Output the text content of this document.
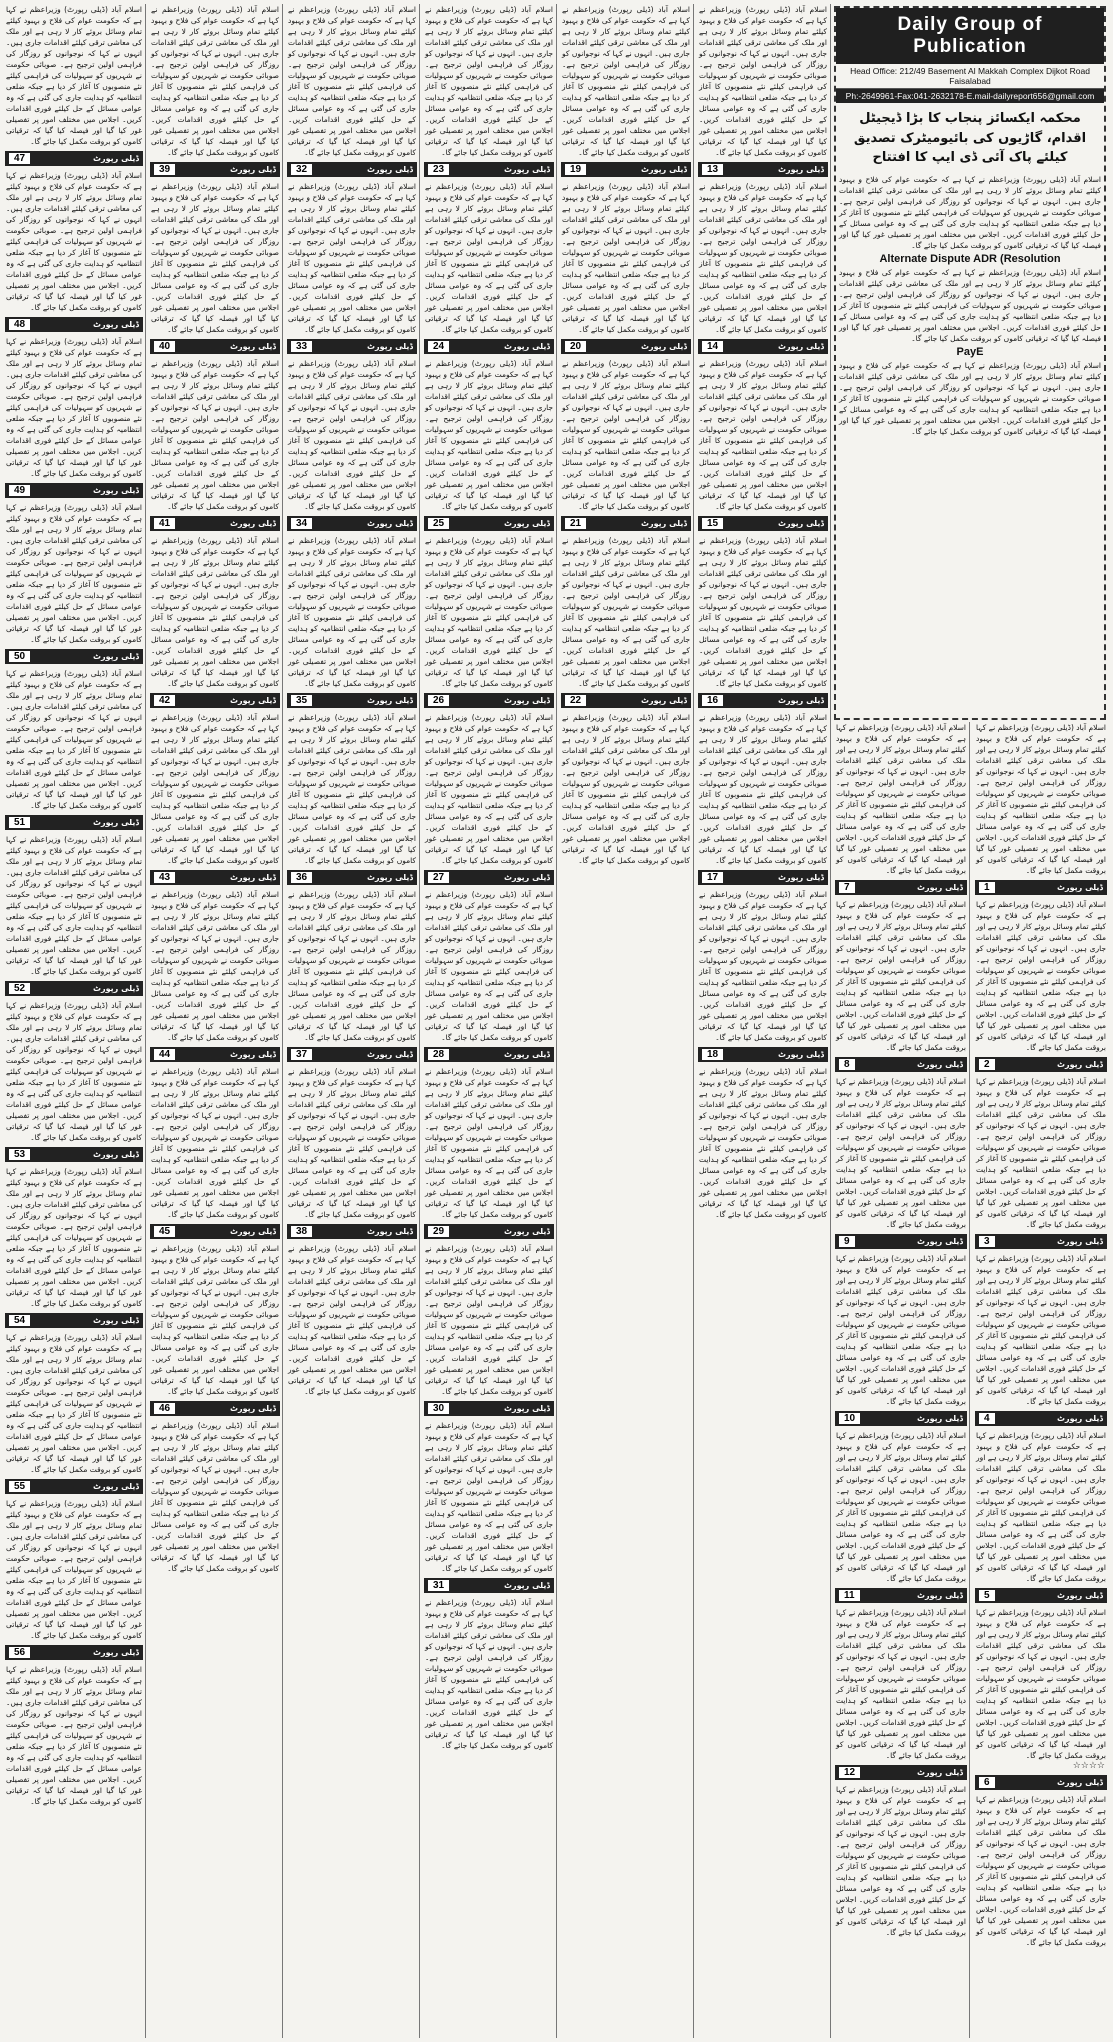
Daily Group of Publication
Head Office: 212/49 Basement Al Makkah Complex Dijkot Road Faisalabad
Ph:-2649961-Fax:041-2632178-E.mail-dailyreport656@gmail.com
محکمہ ایکسائز پنجاب کا بڑا ڈیجیٹل اقدام، گاڑیوں کی بائیومیٹرک تصدیق کیلئے پاک آئی ڈی ایپ کا افتتاح
اسلام آباد (ڈیلی رپورٹ) وزیراعظم نے کہا ہے کہ حکومت عوام کی فلاح و بہبود کیلئے تمام وسائل بروئے کار لا رہی ہے اور ملک کی معاشی ترقی کیلئے اقدامات جاری ہیں۔ انہوں نے کہا کہ نوجوانوں کو روزگار کی فراہمی اولین ترجیح ہے۔ صوبائی حکومت نے شہریوں کو سہولیات کی فراہمی کیلئے نئے منصوبوں کا آغاز کر دیا ہے جبکہ ضلعی انتظامیہ کو ہدایت جاری کی گئی ہے کہ وہ عوامی مسائل کے حل کیلئے فوری اقدامات کریں۔ اجلاس میں مختلف امور پر تفصیلی غور کیا گیا اور فیصلہ کیا گیا کہ ترقیاتی کاموں کو بروقت مکمل کیا جائے گا۔
Alternate Dispute ADR (Resolution
اسلام آباد (ڈیلی رپورٹ) وزیراعظم نے کہا ہے کہ حکومت عوام کی فلاح و بہبود کیلئے تمام وسائل بروئے کار لا رہی ہے اور ملک کی معاشی ترقی کیلئے اقدامات جاری ہیں۔ انہوں نے کہا کہ نوجوانوں کو روزگار کی فراہمی اولین ترجیح ہے۔ صوبائی حکومت نے شہریوں کو سہولیات کی فراہمی کیلئے نئے منصوبوں کا آغاز کر دیا ہے جبکہ ضلعی انتظامیہ کو ہدایت جاری کی گئی ہے کہ وہ عوامی مسائل کے حل کیلئے فوری اقدامات کریں۔ اجلاس میں مختلف امور پر تفصیلی غور کیا گیا اور فیصلہ کیا گیا کہ ترقیاتی کاموں کو بروقت مکمل کیا جائے گا۔
PayE
اسلام آباد (ڈیلی رپورٹ) وزیراعظم نے کہا ہے کہ حکومت عوام کی فلاح و بہبود کیلئے تمام وسائل بروئے کار لا رہی ہے اور ملک کی معاشی ترقی کیلئے اقدامات جاری ہیں۔ انہوں نے کہا کہ نوجوانوں کو روزگار کی فراہمی اولین ترجیح ہے۔ صوبائی حکومت نے شہریوں کو سہولیات کی فراہمی کیلئے نئے منصوبوں کا آغاز کر دیا ہے جبکہ ضلعی انتظامیہ کو ہدایت جاری کی گئی ہے کہ وہ عوامی مسائل کے حل کیلئے فوری اقدامات کریں۔ اجلاس میں مختلف امور پر تفصیلی غور کیا گیا اور فیصلہ کیا گیا کہ ترقیاتی کاموں کو بروقت مکمل کیا جائے گا۔
اسلام آباد (ڈیلی رپورٹ) وزیراعظم نے کہا ہے کہ حکومت عوام کی فلاح و بہبود کیلئے تمام وسائل بروئے کار لا رہی ہے اور ملک کی معاشی ترقی کیلئے اقدامات جاری ہیں۔ انہوں نے کہا کہ نوجوانوں کو روزگار کی فراہمی اولین ترجیح ہے۔ صوبائی حکومت نے شہریوں کو سہولیات کی فراہمی کیلئے نئے منصوبوں کا آغاز کر دیا ہے جبکہ ضلعی انتظامیہ کو ہدایت جاری کی گئی ہے کہ وہ عوامی مسائل کے حل کیلئے فوری اقدامات کریں۔ اجلاس میں مختلف امور پر تفصیلی غور کیا گیا اور فیصلہ کیا گیا کہ ترقیاتی کاموں کو بروقت مکمل کیا جائے گا۔
1	ڈیلی رپورٹ
اسلام آباد (ڈیلی رپورٹ) وزیراعظم نے کہا ہے کہ حکومت عوام کی فلاح و بہبود کیلئے تمام وسائل بروئے کار لا رہی ہے اور ملک کی معاشی ترقی کیلئے اقدامات جاری ہیں۔ انہوں نے کہا کہ نوجوانوں کو روزگار کی فراہمی اولین ترجیح ہے۔ صوبائی حکومت نے شہریوں کو سہولیات کی فراہمی کیلئے نئے منصوبوں کا آغاز کر دیا ہے جبکہ ضلعی انتظامیہ کو ہدایت جاری کی گئی ہے کہ وہ عوامی مسائل کے حل کیلئے فوری اقدامات کریں۔ اجلاس میں مختلف امور پر تفصیلی غور کیا گیا اور فیصلہ کیا گیا کہ ترقیاتی کاموں کو بروقت مکمل کیا جائے گا۔
2	ڈیلی رپورٹ
اسلام آباد (ڈیلی رپورٹ) وزیراعظم نے کہا ہے کہ حکومت عوام کی فلاح و بہبود کیلئے تمام وسائل بروئے کار لا رہی ہے اور ملک کی معاشی ترقی کیلئے اقدامات جاری ہیں۔ انہوں نے کہا کہ نوجوانوں کو روزگار کی فراہمی اولین ترجیح ہے۔ صوبائی حکومت نے شہریوں کو سہولیات کی فراہمی کیلئے نئے منصوبوں کا آغاز کر دیا ہے جبکہ ضلعی انتظامیہ کو ہدایت جاری کی گئی ہے کہ وہ عوامی مسائل کے حل کیلئے فوری اقدامات کریں۔ اجلاس میں مختلف امور پر تفصیلی غور کیا گیا اور فیصلہ کیا گیا کہ ترقیاتی کاموں کو بروقت مکمل کیا جائے گا۔
3	ڈیلی رپورٹ
اسلام آباد (ڈیلی رپورٹ) وزیراعظم نے کہا ہے کہ حکومت عوام کی فلاح و بہبود کیلئے تمام وسائل بروئے کار لا رہی ہے اور ملک کی معاشی ترقی کیلئے اقدامات جاری ہیں۔ انہوں نے کہا کہ نوجوانوں کو روزگار کی فراہمی اولین ترجیح ہے۔ صوبائی حکومت نے شہریوں کو سہولیات کی فراہمی کیلئے نئے منصوبوں کا آغاز کر دیا ہے جبکہ ضلعی انتظامیہ کو ہدایت جاری کی گئی ہے کہ وہ عوامی مسائل کے حل کیلئے فوری اقدامات کریں۔ اجلاس میں مختلف امور پر تفصیلی غور کیا گیا اور فیصلہ کیا گیا کہ ترقیاتی کاموں کو بروقت مکمل کیا جائے گا۔
4	ڈیلی رپورٹ
اسلام آباد (ڈیلی رپورٹ) وزیراعظم نے کہا ہے کہ حکومت عوام کی فلاح و بہبود کیلئے تمام وسائل بروئے کار لا رہی ہے اور ملک کی معاشی ترقی کیلئے اقدامات جاری ہیں۔ انہوں نے کہا کہ نوجوانوں کو روزگار کی فراہمی اولین ترجیح ہے۔ صوبائی حکومت نے شہریوں کو سہولیات کی فراہمی کیلئے نئے منصوبوں کا آغاز کر دیا ہے جبکہ ضلعی انتظامیہ کو ہدایت جاری کی گئی ہے کہ وہ عوامی مسائل کے حل کیلئے فوری اقدامات کریں۔ اجلاس میں مختلف امور پر تفصیلی غور کیا گیا اور فیصلہ کیا گیا کہ ترقیاتی کاموں کو بروقت مکمل کیا جائے گا۔
5	ڈیلی رپورٹ
اسلام آباد (ڈیلی رپورٹ) وزیراعظم نے کہا ہے کہ حکومت عوام کی فلاح و بہبود کیلئے تمام وسائل بروئے کار لا رہی ہے اور ملک کی معاشی ترقی کیلئے اقدامات جاری ہیں۔ انہوں نے کہا کہ نوجوانوں کو روزگار کی فراہمی اولین ترجیح ہے۔ صوبائی حکومت نے شہریوں کو سہولیات کی فراہمی کیلئے نئے منصوبوں کا آغاز کر دیا ہے جبکہ ضلعی انتظامیہ کو ہدایت جاری کی گئی ہے کہ وہ عوامی مسائل کے حل کیلئے فوری اقدامات کریں۔ اجلاس میں مختلف امور پر تفصیلی غور کیا گیا اور فیصلہ کیا گیا کہ ترقیاتی کاموں کو بروقت مکمل کیا جائے گا۔
☆☆☆☆
6	ڈیلی رپورٹ
اسلام آباد (ڈیلی رپورٹ) وزیراعظم نے کہا ہے کہ حکومت عوام کی فلاح و بہبود کیلئے تمام وسائل بروئے کار لا رہی ہے اور ملک کی معاشی ترقی کیلئے اقدامات جاری ہیں۔ انہوں نے کہا کہ نوجوانوں کو روزگار کی فراہمی اولین ترجیح ہے۔ صوبائی حکومت نے شہریوں کو سہولیات کی فراہمی کیلئے نئے منصوبوں کا آغاز کر دیا ہے جبکہ ضلعی انتظامیہ کو ہدایت جاری کی گئی ہے کہ وہ عوامی مسائل کے حل کیلئے فوری اقدامات کریں۔ اجلاس میں مختلف امور پر تفصیلی غور کیا گیا اور فیصلہ کیا گیا کہ ترقیاتی کاموں کو بروقت مکمل کیا جائے گا۔
اسلام آباد (ڈیلی رپورٹ) وزیراعظم نے کہا ہے کہ حکومت عوام کی فلاح و بہبود کیلئے تمام وسائل بروئے کار لا رہی ہے اور ملک کی معاشی ترقی کیلئے اقدامات جاری ہیں۔ انہوں نے کہا کہ نوجوانوں کو روزگار کی فراہمی اولین ترجیح ہے۔ صوبائی حکومت نے شہریوں کو سہولیات کی فراہمی کیلئے نئے منصوبوں کا آغاز کر دیا ہے جبکہ ضلعی انتظامیہ کو ہدایت جاری کی گئی ہے کہ وہ عوامی مسائل کے حل کیلئے فوری اقدامات کریں۔ اجلاس میں مختلف امور پر تفصیلی غور کیا گیا اور فیصلہ کیا گیا کہ ترقیاتی کاموں کو بروقت مکمل کیا جائے گا۔
7	ڈیلی رپورٹ
اسلام آباد (ڈیلی رپورٹ) وزیراعظم نے کہا ہے کہ حکومت عوام کی فلاح و بہبود کیلئے تمام وسائل بروئے کار لا رہی ہے اور ملک کی معاشی ترقی کیلئے اقدامات جاری ہیں۔ انہوں نے کہا کہ نوجوانوں کو روزگار کی فراہمی اولین ترجیح ہے۔ صوبائی حکومت نے شہریوں کو سہولیات کی فراہمی کیلئے نئے منصوبوں کا آغاز کر دیا ہے جبکہ ضلعی انتظامیہ کو ہدایت جاری کی گئی ہے کہ وہ عوامی مسائل کے حل کیلئے فوری اقدامات کریں۔ اجلاس میں مختلف امور پر تفصیلی غور کیا گیا اور فیصلہ کیا گیا کہ ترقیاتی کاموں کو بروقت مکمل کیا جائے گا۔
8	ڈیلی رپورٹ
اسلام آباد (ڈیلی رپورٹ) وزیراعظم نے کہا ہے کہ حکومت عوام کی فلاح و بہبود کیلئے تمام وسائل بروئے کار لا رہی ہے اور ملک کی معاشی ترقی کیلئے اقدامات جاری ہیں۔ انہوں نے کہا کہ نوجوانوں کو روزگار کی فراہمی اولین ترجیح ہے۔ صوبائی حکومت نے شہریوں کو سہولیات کی فراہمی کیلئے نئے منصوبوں کا آغاز کر دیا ہے جبکہ ضلعی انتظامیہ کو ہدایت جاری کی گئی ہے کہ وہ عوامی مسائل کے حل کیلئے فوری اقدامات کریں۔ اجلاس میں مختلف امور پر تفصیلی غور کیا گیا اور فیصلہ کیا گیا کہ ترقیاتی کاموں کو بروقت مکمل کیا جائے گا۔
9	ڈیلی رپورٹ
اسلام آباد (ڈیلی رپورٹ) وزیراعظم نے کہا ہے کہ حکومت عوام کی فلاح و بہبود کیلئے تمام وسائل بروئے کار لا رہی ہے اور ملک کی معاشی ترقی کیلئے اقدامات جاری ہیں۔ انہوں نے کہا کہ نوجوانوں کو روزگار کی فراہمی اولین ترجیح ہے۔ صوبائی حکومت نے شہریوں کو سہولیات کی فراہمی کیلئے نئے منصوبوں کا آغاز کر دیا ہے جبکہ ضلعی انتظامیہ کو ہدایت جاری کی گئی ہے کہ وہ عوامی مسائل کے حل کیلئے فوری اقدامات کریں۔ اجلاس میں مختلف امور پر تفصیلی غور کیا گیا اور فیصلہ کیا گیا کہ ترقیاتی کاموں کو بروقت مکمل کیا جائے گا۔
10	ڈیلی رپورٹ
اسلام آباد (ڈیلی رپورٹ) وزیراعظم نے کہا ہے کہ حکومت عوام کی فلاح و بہبود کیلئے تمام وسائل بروئے کار لا رہی ہے اور ملک کی معاشی ترقی کیلئے اقدامات جاری ہیں۔ انہوں نے کہا کہ نوجوانوں کو روزگار کی فراہمی اولین ترجیح ہے۔ صوبائی حکومت نے شہریوں کو سہولیات کی فراہمی کیلئے نئے منصوبوں کا آغاز کر دیا ہے جبکہ ضلعی انتظامیہ کو ہدایت جاری کی گئی ہے کہ وہ عوامی مسائل کے حل کیلئے فوری اقدامات کریں۔ اجلاس میں مختلف امور پر تفصیلی غور کیا گیا اور فیصلہ کیا گیا کہ ترقیاتی کاموں کو بروقت مکمل کیا جائے گا۔
11	ڈیلی رپورٹ
اسلام آباد (ڈیلی رپورٹ) وزیراعظم نے کہا ہے کہ حکومت عوام کی فلاح و بہبود کیلئے تمام وسائل بروئے کار لا رہی ہے اور ملک کی معاشی ترقی کیلئے اقدامات جاری ہیں۔ انہوں نے کہا کہ نوجوانوں کو روزگار کی فراہمی اولین ترجیح ہے۔ صوبائی حکومت نے شہریوں کو سہولیات کی فراہمی کیلئے نئے منصوبوں کا آغاز کر دیا ہے جبکہ ضلعی انتظامیہ کو ہدایت جاری کی گئی ہے کہ وہ عوامی مسائل کے حل کیلئے فوری اقدامات کریں۔ اجلاس میں مختلف امور پر تفصیلی غور کیا گیا اور فیصلہ کیا گیا کہ ترقیاتی کاموں کو بروقت مکمل کیا جائے گا۔
12	ڈیلی رپورٹ
اسلام آباد (ڈیلی رپورٹ) وزیراعظم نے کہا ہے کہ حکومت عوام کی فلاح و بہبود کیلئے تمام وسائل بروئے کار لا رہی ہے اور ملک کی معاشی ترقی کیلئے اقدامات جاری ہیں۔ انہوں نے کہا کہ نوجوانوں کو روزگار کی فراہمی اولین ترجیح ہے۔ صوبائی حکومت نے شہریوں کو سہولیات کی فراہمی کیلئے نئے منصوبوں کا آغاز کر دیا ہے جبکہ ضلعی انتظامیہ کو ہدایت جاری کی گئی ہے کہ وہ عوامی مسائل کے حل کیلئے فوری اقدامات کریں۔ اجلاس میں مختلف امور پر تفصیلی غور کیا گیا اور فیصلہ کیا گیا کہ ترقیاتی کاموں کو بروقت مکمل کیا جائے گا۔
اسلام آباد (ڈیلی رپورٹ) وزیراعظم نے کہا ہے کہ حکومت عوام کی فلاح و بہبود کیلئے تمام وسائل بروئے کار لا رہی ہے اور ملک کی معاشی ترقی کیلئے اقدامات جاری ہیں۔ انہوں نے کہا کہ نوجوانوں کو روزگار کی فراہمی اولین ترجیح ہے۔ صوبائی حکومت نے شہریوں کو سہولیات کی فراہمی کیلئے نئے منصوبوں کا آغاز کر دیا ہے جبکہ ضلعی انتظامیہ کو ہدایت جاری کی گئی ہے کہ وہ عوامی مسائل کے حل کیلئے فوری اقدامات کریں۔ اجلاس میں مختلف امور پر تفصیلی غور کیا گیا اور فیصلہ کیا گیا کہ ترقیاتی کاموں کو بروقت مکمل کیا جائے گا۔
13	ڈیلی رپورٹ
اسلام آباد (ڈیلی رپورٹ) وزیراعظم نے کہا ہے کہ حکومت عوام کی فلاح و بہبود کیلئے تمام وسائل بروئے کار لا رہی ہے اور ملک کی معاشی ترقی کیلئے اقدامات جاری ہیں۔ انہوں نے کہا کہ نوجوانوں کو روزگار کی فراہمی اولین ترجیح ہے۔ صوبائی حکومت نے شہریوں کو سہولیات کی فراہمی کیلئے نئے منصوبوں کا آغاز کر دیا ہے جبکہ ضلعی انتظامیہ کو ہدایت جاری کی گئی ہے کہ وہ عوامی مسائل کے حل کیلئے فوری اقدامات کریں۔ اجلاس میں مختلف امور پر تفصیلی غور کیا گیا اور فیصلہ کیا گیا کہ ترقیاتی کاموں کو بروقت مکمل کیا جائے گا۔
14	ڈیلی رپورٹ
اسلام آباد (ڈیلی رپورٹ) وزیراعظم نے کہا ہے کہ حکومت عوام کی فلاح و بہبود کیلئے تمام وسائل بروئے کار لا رہی ہے اور ملک کی معاشی ترقی کیلئے اقدامات جاری ہیں۔ انہوں نے کہا کہ نوجوانوں کو روزگار کی فراہمی اولین ترجیح ہے۔ صوبائی حکومت نے شہریوں کو سہولیات کی فراہمی کیلئے نئے منصوبوں کا آغاز کر دیا ہے جبکہ ضلعی انتظامیہ کو ہدایت جاری کی گئی ہے کہ وہ عوامی مسائل کے حل کیلئے فوری اقدامات کریں۔ اجلاس میں مختلف امور پر تفصیلی غور کیا گیا اور فیصلہ کیا گیا کہ ترقیاتی کاموں کو بروقت مکمل کیا جائے گا۔
15	ڈیلی رپورٹ
اسلام آباد (ڈیلی رپورٹ) وزیراعظم نے کہا ہے کہ حکومت عوام کی فلاح و بہبود کیلئے تمام وسائل بروئے کار لا رہی ہے اور ملک کی معاشی ترقی کیلئے اقدامات جاری ہیں۔ انہوں نے کہا کہ نوجوانوں کو روزگار کی فراہمی اولین ترجیح ہے۔ صوبائی حکومت نے شہریوں کو سہولیات کی فراہمی کیلئے نئے منصوبوں کا آغاز کر دیا ہے جبکہ ضلعی انتظامیہ کو ہدایت جاری کی گئی ہے کہ وہ عوامی مسائل کے حل کیلئے فوری اقدامات کریں۔ اجلاس میں مختلف امور پر تفصیلی غور کیا گیا اور فیصلہ کیا گیا کہ ترقیاتی کاموں کو بروقت مکمل کیا جائے گا۔
16	ڈیلی رپورٹ
اسلام آباد (ڈیلی رپورٹ) وزیراعظم نے کہا ہے کہ حکومت عوام کی فلاح و بہبود کیلئے تمام وسائل بروئے کار لا رہی ہے اور ملک کی معاشی ترقی کیلئے اقدامات جاری ہیں۔ انہوں نے کہا کہ نوجوانوں کو روزگار کی فراہمی اولین ترجیح ہے۔ صوبائی حکومت نے شہریوں کو سہولیات کی فراہمی کیلئے نئے منصوبوں کا آغاز کر دیا ہے جبکہ ضلعی انتظامیہ کو ہدایت جاری کی گئی ہے کہ وہ عوامی مسائل کے حل کیلئے فوری اقدامات کریں۔ اجلاس میں مختلف امور پر تفصیلی غور کیا گیا اور فیصلہ کیا گیا کہ ترقیاتی کاموں کو بروقت مکمل کیا جائے گا۔
17	ڈیلی رپورٹ
اسلام آباد (ڈیلی رپورٹ) وزیراعظم نے کہا ہے کہ حکومت عوام کی فلاح و بہبود کیلئے تمام وسائل بروئے کار لا رہی ہے اور ملک کی معاشی ترقی کیلئے اقدامات جاری ہیں۔ انہوں نے کہا کہ نوجوانوں کو روزگار کی فراہمی اولین ترجیح ہے۔ صوبائی حکومت نے شہریوں کو سہولیات کی فراہمی کیلئے نئے منصوبوں کا آغاز کر دیا ہے جبکہ ضلعی انتظامیہ کو ہدایت جاری کی گئی ہے کہ وہ عوامی مسائل کے حل کیلئے فوری اقدامات کریں۔ اجلاس میں مختلف امور پر تفصیلی غور کیا گیا اور فیصلہ کیا گیا کہ ترقیاتی کاموں کو بروقت مکمل کیا جائے گا۔
18	ڈیلی رپورٹ
اسلام آباد (ڈیلی رپورٹ) وزیراعظم نے کہا ہے کہ حکومت عوام کی فلاح و بہبود کیلئے تمام وسائل بروئے کار لا رہی ہے اور ملک کی معاشی ترقی کیلئے اقدامات جاری ہیں۔ انہوں نے کہا کہ نوجوانوں کو روزگار کی فراہمی اولین ترجیح ہے۔ صوبائی حکومت نے شہریوں کو سہولیات کی فراہمی کیلئے نئے منصوبوں کا آغاز کر دیا ہے جبکہ ضلعی انتظامیہ کو ہدایت جاری کی گئی ہے کہ وہ عوامی مسائل کے حل کیلئے فوری اقدامات کریں۔ اجلاس میں مختلف امور پر تفصیلی غور کیا گیا اور فیصلہ کیا گیا کہ ترقیاتی کاموں کو بروقت مکمل کیا جائے گا۔
اسلام آباد (ڈیلی رپورٹ) وزیراعظم نے کہا ہے کہ حکومت عوام کی فلاح و بہبود کیلئے تمام وسائل بروئے کار لا رہی ہے اور ملک کی معاشی ترقی کیلئے اقدامات جاری ہیں۔ انہوں نے کہا کہ نوجوانوں کو روزگار کی فراہمی اولین ترجیح ہے۔ صوبائی حکومت نے شہریوں کو سہولیات کی فراہمی کیلئے نئے منصوبوں کا آغاز کر دیا ہے جبکہ ضلعی انتظامیہ کو ہدایت جاری کی گئی ہے کہ وہ عوامی مسائل کے حل کیلئے فوری اقدامات کریں۔ اجلاس میں مختلف امور پر تفصیلی غور کیا گیا اور فیصلہ کیا گیا کہ ترقیاتی کاموں کو بروقت مکمل کیا جائے گا۔
19	ڈیلی رپورٹ
اسلام آباد (ڈیلی رپورٹ) وزیراعظم نے کہا ہے کہ حکومت عوام کی فلاح و بہبود کیلئے تمام وسائل بروئے کار لا رہی ہے اور ملک کی معاشی ترقی کیلئے اقدامات جاری ہیں۔ انہوں نے کہا کہ نوجوانوں کو روزگار کی فراہمی اولین ترجیح ہے۔ صوبائی حکومت نے شہریوں کو سہولیات کی فراہمی کیلئے نئے منصوبوں کا آغاز کر دیا ہے جبکہ ضلعی انتظامیہ کو ہدایت جاری کی گئی ہے کہ وہ عوامی مسائل کے حل کیلئے فوری اقدامات کریں۔ اجلاس میں مختلف امور پر تفصیلی غور کیا گیا اور فیصلہ کیا گیا کہ ترقیاتی کاموں کو بروقت مکمل کیا جائے گا۔
20	ڈیلی رپورٹ
اسلام آباد (ڈیلی رپورٹ) وزیراعظم نے کہا ہے کہ حکومت عوام کی فلاح و بہبود کیلئے تمام وسائل بروئے کار لا رہی ہے اور ملک کی معاشی ترقی کیلئے اقدامات جاری ہیں۔ انہوں نے کہا کہ نوجوانوں کو روزگار کی فراہمی اولین ترجیح ہے۔ صوبائی حکومت نے شہریوں کو سہولیات کی فراہمی کیلئے نئے منصوبوں کا آغاز کر دیا ہے جبکہ ضلعی انتظامیہ کو ہدایت جاری کی گئی ہے کہ وہ عوامی مسائل کے حل کیلئے فوری اقدامات کریں۔ اجلاس میں مختلف امور پر تفصیلی غور کیا گیا اور فیصلہ کیا گیا کہ ترقیاتی کاموں کو بروقت مکمل کیا جائے گا۔
21	ڈیلی رپورٹ
اسلام آباد (ڈیلی رپورٹ) وزیراعظم نے کہا ہے کہ حکومت عوام کی فلاح و بہبود کیلئے تمام وسائل بروئے کار لا رہی ہے اور ملک کی معاشی ترقی کیلئے اقدامات جاری ہیں۔ انہوں نے کہا کہ نوجوانوں کو روزگار کی فراہمی اولین ترجیح ہے۔ صوبائی حکومت نے شہریوں کو سہولیات کی فراہمی کیلئے نئے منصوبوں کا آغاز کر دیا ہے جبکہ ضلعی انتظامیہ کو ہدایت جاری کی گئی ہے کہ وہ عوامی مسائل کے حل کیلئے فوری اقدامات کریں۔ اجلاس میں مختلف امور پر تفصیلی غور کیا گیا اور فیصلہ کیا گیا کہ ترقیاتی کاموں کو بروقت مکمل کیا جائے گا۔
22	ڈیلی رپورٹ
اسلام آباد (ڈیلی رپورٹ) وزیراعظم نے کہا ہے کہ حکومت عوام کی فلاح و بہبود کیلئے تمام وسائل بروئے کار لا رہی ہے اور ملک کی معاشی ترقی کیلئے اقدامات جاری ہیں۔ انہوں نے کہا کہ نوجوانوں کو روزگار کی فراہمی اولین ترجیح ہے۔ صوبائی حکومت نے شہریوں کو سہولیات کی فراہمی کیلئے نئے منصوبوں کا آغاز کر دیا ہے جبکہ ضلعی انتظامیہ کو ہدایت جاری کی گئی ہے کہ وہ عوامی مسائل کے حل کیلئے فوری اقدامات کریں۔ اجلاس میں مختلف امور پر تفصیلی غور کیا گیا اور فیصلہ کیا گیا کہ ترقیاتی کاموں کو بروقت مکمل کیا جائے گا۔
اسلام آباد (ڈیلی رپورٹ) وزیراعظم نے کہا ہے کہ حکومت عوام کی فلاح و بہبود کیلئے تمام وسائل بروئے کار لا رہی ہے اور ملک کی معاشی ترقی کیلئے اقدامات جاری ہیں۔ انہوں نے کہا کہ نوجوانوں کو روزگار کی فراہمی اولین ترجیح ہے۔ صوبائی حکومت نے شہریوں کو سہولیات کی فراہمی کیلئے نئے منصوبوں کا آغاز کر دیا ہے جبکہ ضلعی انتظامیہ کو ہدایت جاری کی گئی ہے کہ وہ عوامی مسائل کے حل کیلئے فوری اقدامات کریں۔ اجلاس میں مختلف امور پر تفصیلی غور کیا گیا اور فیصلہ کیا گیا کہ ترقیاتی کاموں کو بروقت مکمل کیا جائے گا۔
23	ڈیلی رپورٹ
اسلام آباد (ڈیلی رپورٹ) وزیراعظم نے کہا ہے کہ حکومت عوام کی فلاح و بہبود کیلئے تمام وسائل بروئے کار لا رہی ہے اور ملک کی معاشی ترقی کیلئے اقدامات جاری ہیں۔ انہوں نے کہا کہ نوجوانوں کو روزگار کی فراہمی اولین ترجیح ہے۔ صوبائی حکومت نے شہریوں کو سہولیات کی فراہمی کیلئے نئے منصوبوں کا آغاز کر دیا ہے جبکہ ضلعی انتظامیہ کو ہدایت جاری کی گئی ہے کہ وہ عوامی مسائل کے حل کیلئے فوری اقدامات کریں۔ اجلاس میں مختلف امور پر تفصیلی غور کیا گیا اور فیصلہ کیا گیا کہ ترقیاتی کاموں کو بروقت مکمل کیا جائے گا۔
24	ڈیلی رپورٹ
اسلام آباد (ڈیلی رپورٹ) وزیراعظم نے کہا ہے کہ حکومت عوام کی فلاح و بہبود کیلئے تمام وسائل بروئے کار لا رہی ہے اور ملک کی معاشی ترقی کیلئے اقدامات جاری ہیں۔ انہوں نے کہا کہ نوجوانوں کو روزگار کی فراہمی اولین ترجیح ہے۔ صوبائی حکومت نے شہریوں کو سہولیات کی فراہمی کیلئے نئے منصوبوں کا آغاز کر دیا ہے جبکہ ضلعی انتظامیہ کو ہدایت جاری کی گئی ہے کہ وہ عوامی مسائل کے حل کیلئے فوری اقدامات کریں۔ اجلاس میں مختلف امور پر تفصیلی غور کیا گیا اور فیصلہ کیا گیا کہ ترقیاتی کاموں کو بروقت مکمل کیا جائے گا۔
25	ڈیلی رپورٹ
اسلام آباد (ڈیلی رپورٹ) وزیراعظم نے کہا ہے کہ حکومت عوام کی فلاح و بہبود کیلئے تمام وسائل بروئے کار لا رہی ہے اور ملک کی معاشی ترقی کیلئے اقدامات جاری ہیں۔ انہوں نے کہا کہ نوجوانوں کو روزگار کی فراہمی اولین ترجیح ہے۔ صوبائی حکومت نے شہریوں کو سہولیات کی فراہمی کیلئے نئے منصوبوں کا آغاز کر دیا ہے جبکہ ضلعی انتظامیہ کو ہدایت جاری کی گئی ہے کہ وہ عوامی مسائل کے حل کیلئے فوری اقدامات کریں۔ اجلاس میں مختلف امور پر تفصیلی غور کیا گیا اور فیصلہ کیا گیا کہ ترقیاتی کاموں کو بروقت مکمل کیا جائے گا۔
26	ڈیلی رپورٹ
اسلام آباد (ڈیلی رپورٹ) وزیراعظم نے کہا ہے کہ حکومت عوام کی فلاح و بہبود کیلئے تمام وسائل بروئے کار لا رہی ہے اور ملک کی معاشی ترقی کیلئے اقدامات جاری ہیں۔ انہوں نے کہا کہ نوجوانوں کو روزگار کی فراہمی اولین ترجیح ہے۔ صوبائی حکومت نے شہریوں کو سہولیات کی فراہمی کیلئے نئے منصوبوں کا آغاز کر دیا ہے جبکہ ضلعی انتظامیہ کو ہدایت جاری کی گئی ہے کہ وہ عوامی مسائل کے حل کیلئے فوری اقدامات کریں۔ اجلاس میں مختلف امور پر تفصیلی غور کیا گیا اور فیصلہ کیا گیا کہ ترقیاتی کاموں کو بروقت مکمل کیا جائے گا۔
27	ڈیلی رپورٹ
اسلام آباد (ڈیلی رپورٹ) وزیراعظم نے کہا ہے کہ حکومت عوام کی فلاح و بہبود کیلئے تمام وسائل بروئے کار لا رہی ہے اور ملک کی معاشی ترقی کیلئے اقدامات جاری ہیں۔ انہوں نے کہا کہ نوجوانوں کو روزگار کی فراہمی اولین ترجیح ہے۔ صوبائی حکومت نے شہریوں کو سہولیات کی فراہمی کیلئے نئے منصوبوں کا آغاز کر دیا ہے جبکہ ضلعی انتظامیہ کو ہدایت جاری کی گئی ہے کہ وہ عوامی مسائل کے حل کیلئے فوری اقدامات کریں۔ اجلاس میں مختلف امور پر تفصیلی غور کیا گیا اور فیصلہ کیا گیا کہ ترقیاتی کاموں کو بروقت مکمل کیا جائے گا۔
28	ڈیلی رپورٹ
اسلام آباد (ڈیلی رپورٹ) وزیراعظم نے کہا ہے کہ حکومت عوام کی فلاح و بہبود کیلئے تمام وسائل بروئے کار لا رہی ہے اور ملک کی معاشی ترقی کیلئے اقدامات جاری ہیں۔ انہوں نے کہا کہ نوجوانوں کو روزگار کی فراہمی اولین ترجیح ہے۔ صوبائی حکومت نے شہریوں کو سہولیات کی فراہمی کیلئے نئے منصوبوں کا آغاز کر دیا ہے جبکہ ضلعی انتظامیہ کو ہدایت جاری کی گئی ہے کہ وہ عوامی مسائل کے حل کیلئے فوری اقدامات کریں۔ اجلاس میں مختلف امور پر تفصیلی غور کیا گیا اور فیصلہ کیا گیا کہ ترقیاتی کاموں کو بروقت مکمل کیا جائے گا۔
29	ڈیلی رپورٹ
اسلام آباد (ڈیلی رپورٹ) وزیراعظم نے کہا ہے کہ حکومت عوام کی فلاح و بہبود کیلئے تمام وسائل بروئے کار لا رہی ہے اور ملک کی معاشی ترقی کیلئے اقدامات جاری ہیں۔ انہوں نے کہا کہ نوجوانوں کو روزگار کی فراہمی اولین ترجیح ہے۔ صوبائی حکومت نے شہریوں کو سہولیات کی فراہمی کیلئے نئے منصوبوں کا آغاز کر دیا ہے جبکہ ضلعی انتظامیہ کو ہدایت جاری کی گئی ہے کہ وہ عوامی مسائل کے حل کیلئے فوری اقدامات کریں۔ اجلاس میں مختلف امور پر تفصیلی غور کیا گیا اور فیصلہ کیا گیا کہ ترقیاتی کاموں کو بروقت مکمل کیا جائے گا۔
30	ڈیلی رپورٹ
اسلام آباد (ڈیلی رپورٹ) وزیراعظم نے کہا ہے کہ حکومت عوام کی فلاح و بہبود کیلئے تمام وسائل بروئے کار لا رہی ہے اور ملک کی معاشی ترقی کیلئے اقدامات جاری ہیں۔ انہوں نے کہا کہ نوجوانوں کو روزگار کی فراہمی اولین ترجیح ہے۔ صوبائی حکومت نے شہریوں کو سہولیات کی فراہمی کیلئے نئے منصوبوں کا آغاز کر دیا ہے جبکہ ضلعی انتظامیہ کو ہدایت جاری کی گئی ہے کہ وہ عوامی مسائل کے حل کیلئے فوری اقدامات کریں۔ اجلاس میں مختلف امور پر تفصیلی غور کیا گیا اور فیصلہ کیا گیا کہ ترقیاتی کاموں کو بروقت مکمل کیا جائے گا۔
31	ڈیلی رپورٹ
اسلام آباد (ڈیلی رپورٹ) وزیراعظم نے کہا ہے کہ حکومت عوام کی فلاح و بہبود کیلئے تمام وسائل بروئے کار لا رہی ہے اور ملک کی معاشی ترقی کیلئے اقدامات جاری ہیں۔ انہوں نے کہا کہ نوجوانوں کو روزگار کی فراہمی اولین ترجیح ہے۔ صوبائی حکومت نے شہریوں کو سہولیات کی فراہمی کیلئے نئے منصوبوں کا آغاز کر دیا ہے جبکہ ضلعی انتظامیہ کو ہدایت جاری کی گئی ہے کہ وہ عوامی مسائل کے حل کیلئے فوری اقدامات کریں۔ اجلاس میں مختلف امور پر تفصیلی غور کیا گیا اور فیصلہ کیا گیا کہ ترقیاتی کاموں کو بروقت مکمل کیا جائے گا۔
اسلام آباد (ڈیلی رپورٹ) وزیراعظم نے کہا ہے کہ حکومت عوام کی فلاح و بہبود کیلئے تمام وسائل بروئے کار لا رہی ہے اور ملک کی معاشی ترقی کیلئے اقدامات جاری ہیں۔ انہوں نے کہا کہ نوجوانوں کو روزگار کی فراہمی اولین ترجیح ہے۔ صوبائی حکومت نے شہریوں کو سہولیات کی فراہمی کیلئے نئے منصوبوں کا آغاز کر دیا ہے جبکہ ضلعی انتظامیہ کو ہدایت جاری کی گئی ہے کہ وہ عوامی مسائل کے حل کیلئے فوری اقدامات کریں۔ اجلاس میں مختلف امور پر تفصیلی غور کیا گیا اور فیصلہ کیا گیا کہ ترقیاتی کاموں کو بروقت مکمل کیا جائے گا۔
32	ڈیلی رپورٹ
اسلام آباد (ڈیلی رپورٹ) وزیراعظم نے کہا ہے کہ حکومت عوام کی فلاح و بہبود کیلئے تمام وسائل بروئے کار لا رہی ہے اور ملک کی معاشی ترقی کیلئے اقدامات جاری ہیں۔ انہوں نے کہا کہ نوجوانوں کو روزگار کی فراہمی اولین ترجیح ہے۔ صوبائی حکومت نے شہریوں کو سہولیات کی فراہمی کیلئے نئے منصوبوں کا آغاز کر دیا ہے جبکہ ضلعی انتظامیہ کو ہدایت جاری کی گئی ہے کہ وہ عوامی مسائل کے حل کیلئے فوری اقدامات کریں۔ اجلاس میں مختلف امور پر تفصیلی غور کیا گیا اور فیصلہ کیا گیا کہ ترقیاتی کاموں کو بروقت مکمل کیا جائے گا۔
33	ڈیلی رپورٹ
اسلام آباد (ڈیلی رپورٹ) وزیراعظم نے کہا ہے کہ حکومت عوام کی فلاح و بہبود کیلئے تمام وسائل بروئے کار لا رہی ہے اور ملک کی معاشی ترقی کیلئے اقدامات جاری ہیں۔ انہوں نے کہا کہ نوجوانوں کو روزگار کی فراہمی اولین ترجیح ہے۔ صوبائی حکومت نے شہریوں کو سہولیات کی فراہمی کیلئے نئے منصوبوں کا آغاز کر دیا ہے جبکہ ضلعی انتظامیہ کو ہدایت جاری کی گئی ہے کہ وہ عوامی مسائل کے حل کیلئے فوری اقدامات کریں۔ اجلاس میں مختلف امور پر تفصیلی غور کیا گیا اور فیصلہ کیا گیا کہ ترقیاتی کاموں کو بروقت مکمل کیا جائے گا۔
34	ڈیلی رپورٹ
اسلام آباد (ڈیلی رپورٹ) وزیراعظم نے کہا ہے کہ حکومت عوام کی فلاح و بہبود کیلئے تمام وسائل بروئے کار لا رہی ہے اور ملک کی معاشی ترقی کیلئے اقدامات جاری ہیں۔ انہوں نے کہا کہ نوجوانوں کو روزگار کی فراہمی اولین ترجیح ہے۔ صوبائی حکومت نے شہریوں کو سہولیات کی فراہمی کیلئے نئے منصوبوں کا آغاز کر دیا ہے جبکہ ضلعی انتظامیہ کو ہدایت جاری کی گئی ہے کہ وہ عوامی مسائل کے حل کیلئے فوری اقدامات کریں۔ اجلاس میں مختلف امور پر تفصیلی غور کیا گیا اور فیصلہ کیا گیا کہ ترقیاتی کاموں کو بروقت مکمل کیا جائے گا۔
35	ڈیلی رپورٹ
اسلام آباد (ڈیلی رپورٹ) وزیراعظم نے کہا ہے کہ حکومت عوام کی فلاح و بہبود کیلئے تمام وسائل بروئے کار لا رہی ہے اور ملک کی معاشی ترقی کیلئے اقدامات جاری ہیں۔ انہوں نے کہا کہ نوجوانوں کو روزگار کی فراہمی اولین ترجیح ہے۔ صوبائی حکومت نے شہریوں کو سہولیات کی فراہمی کیلئے نئے منصوبوں کا آغاز کر دیا ہے جبکہ ضلعی انتظامیہ کو ہدایت جاری کی گئی ہے کہ وہ عوامی مسائل کے حل کیلئے فوری اقدامات کریں۔ اجلاس میں مختلف امور پر تفصیلی غور کیا گیا اور فیصلہ کیا گیا کہ ترقیاتی کاموں کو بروقت مکمل کیا جائے گا۔
36	ڈیلی رپورٹ
اسلام آباد (ڈیلی رپورٹ) وزیراعظم نے کہا ہے کہ حکومت عوام کی فلاح و بہبود کیلئے تمام وسائل بروئے کار لا رہی ہے اور ملک کی معاشی ترقی کیلئے اقدامات جاری ہیں۔ انہوں نے کہا کہ نوجوانوں کو روزگار کی فراہمی اولین ترجیح ہے۔ صوبائی حکومت نے شہریوں کو سہولیات کی فراہمی کیلئے نئے منصوبوں کا آغاز کر دیا ہے جبکہ ضلعی انتظامیہ کو ہدایت جاری کی گئی ہے کہ وہ عوامی مسائل کے حل کیلئے فوری اقدامات کریں۔ اجلاس میں مختلف امور پر تفصیلی غور کیا گیا اور فیصلہ کیا گیا کہ ترقیاتی کاموں کو بروقت مکمل کیا جائے گا۔
37	ڈیلی رپورٹ
اسلام آباد (ڈیلی رپورٹ) وزیراعظم نے کہا ہے کہ حکومت عوام کی فلاح و بہبود کیلئے تمام وسائل بروئے کار لا رہی ہے اور ملک کی معاشی ترقی کیلئے اقدامات جاری ہیں۔ انہوں نے کہا کہ نوجوانوں کو روزگار کی فراہمی اولین ترجیح ہے۔ صوبائی حکومت نے شہریوں کو سہولیات کی فراہمی کیلئے نئے منصوبوں کا آغاز کر دیا ہے جبکہ ضلعی انتظامیہ کو ہدایت جاری کی گئی ہے کہ وہ عوامی مسائل کے حل کیلئے فوری اقدامات کریں۔ اجلاس میں مختلف امور پر تفصیلی غور کیا گیا اور فیصلہ کیا گیا کہ ترقیاتی کاموں کو بروقت مکمل کیا جائے گا۔
38	ڈیلی رپورٹ
اسلام آباد (ڈیلی رپورٹ) وزیراعظم نے کہا ہے کہ حکومت عوام کی فلاح و بہبود کیلئے تمام وسائل بروئے کار لا رہی ہے اور ملک کی معاشی ترقی کیلئے اقدامات جاری ہیں۔ انہوں نے کہا کہ نوجوانوں کو روزگار کی فراہمی اولین ترجیح ہے۔ صوبائی حکومت نے شہریوں کو سہولیات کی فراہمی کیلئے نئے منصوبوں کا آغاز کر دیا ہے جبکہ ضلعی انتظامیہ کو ہدایت جاری کی گئی ہے کہ وہ عوامی مسائل کے حل کیلئے فوری اقدامات کریں۔ اجلاس میں مختلف امور پر تفصیلی غور کیا گیا اور فیصلہ کیا گیا کہ ترقیاتی کاموں کو بروقت مکمل کیا جائے گا۔
اسلام آباد (ڈیلی رپورٹ) وزیراعظم نے کہا ہے کہ حکومت عوام کی فلاح و بہبود کیلئے تمام وسائل بروئے کار لا رہی ہے اور ملک کی معاشی ترقی کیلئے اقدامات جاری ہیں۔ انہوں نے کہا کہ نوجوانوں کو روزگار کی فراہمی اولین ترجیح ہے۔ صوبائی حکومت نے شہریوں کو سہولیات کی فراہمی کیلئے نئے منصوبوں کا آغاز کر دیا ہے جبکہ ضلعی انتظامیہ کو ہدایت جاری کی گئی ہے کہ وہ عوامی مسائل کے حل کیلئے فوری اقدامات کریں۔ اجلاس میں مختلف امور پر تفصیلی غور کیا گیا اور فیصلہ کیا گیا کہ ترقیاتی کاموں کو بروقت مکمل کیا جائے گا۔
39	ڈیلی رپورٹ
اسلام آباد (ڈیلی رپورٹ) وزیراعظم نے کہا ہے کہ حکومت عوام کی فلاح و بہبود کیلئے تمام وسائل بروئے کار لا رہی ہے اور ملک کی معاشی ترقی کیلئے اقدامات جاری ہیں۔ انہوں نے کہا کہ نوجوانوں کو روزگار کی فراہمی اولین ترجیح ہے۔ صوبائی حکومت نے شہریوں کو سہولیات کی فراہمی کیلئے نئے منصوبوں کا آغاز کر دیا ہے جبکہ ضلعی انتظامیہ کو ہدایت جاری کی گئی ہے کہ وہ عوامی مسائل کے حل کیلئے فوری اقدامات کریں۔ اجلاس میں مختلف امور پر تفصیلی غور کیا گیا اور فیصلہ کیا گیا کہ ترقیاتی کاموں کو بروقت مکمل کیا جائے گا۔
40	ڈیلی رپورٹ
اسلام آباد (ڈیلی رپورٹ) وزیراعظم نے کہا ہے کہ حکومت عوام کی فلاح و بہبود کیلئے تمام وسائل بروئے کار لا رہی ہے اور ملک کی معاشی ترقی کیلئے اقدامات جاری ہیں۔ انہوں نے کہا کہ نوجوانوں کو روزگار کی فراہمی اولین ترجیح ہے۔ صوبائی حکومت نے شہریوں کو سہولیات کی فراہمی کیلئے نئے منصوبوں کا آغاز کر دیا ہے جبکہ ضلعی انتظامیہ کو ہدایت جاری کی گئی ہے کہ وہ عوامی مسائل کے حل کیلئے فوری اقدامات کریں۔ اجلاس میں مختلف امور پر تفصیلی غور کیا گیا اور فیصلہ کیا گیا کہ ترقیاتی کاموں کو بروقت مکمل کیا جائے گا۔
41	ڈیلی رپورٹ
اسلام آباد (ڈیلی رپورٹ) وزیراعظم نے کہا ہے کہ حکومت عوام کی فلاح و بہبود کیلئے تمام وسائل بروئے کار لا رہی ہے اور ملک کی معاشی ترقی کیلئے اقدامات جاری ہیں۔ انہوں نے کہا کہ نوجوانوں کو روزگار کی فراہمی اولین ترجیح ہے۔ صوبائی حکومت نے شہریوں کو سہولیات کی فراہمی کیلئے نئے منصوبوں کا آغاز کر دیا ہے جبکہ ضلعی انتظامیہ کو ہدایت جاری کی گئی ہے کہ وہ عوامی مسائل کے حل کیلئے فوری اقدامات کریں۔ اجلاس میں مختلف امور پر تفصیلی غور کیا گیا اور فیصلہ کیا گیا کہ ترقیاتی کاموں کو بروقت مکمل کیا جائے گا۔
42	ڈیلی رپورٹ
اسلام آباد (ڈیلی رپورٹ) وزیراعظم نے کہا ہے کہ حکومت عوام کی فلاح و بہبود کیلئے تمام وسائل بروئے کار لا رہی ہے اور ملک کی معاشی ترقی کیلئے اقدامات جاری ہیں۔ انہوں نے کہا کہ نوجوانوں کو روزگار کی فراہمی اولین ترجیح ہے۔ صوبائی حکومت نے شہریوں کو سہولیات کی فراہمی کیلئے نئے منصوبوں کا آغاز کر دیا ہے جبکہ ضلعی انتظامیہ کو ہدایت جاری کی گئی ہے کہ وہ عوامی مسائل کے حل کیلئے فوری اقدامات کریں۔ اجلاس میں مختلف امور پر تفصیلی غور کیا گیا اور فیصلہ کیا گیا کہ ترقیاتی کاموں کو بروقت مکمل کیا جائے گا۔
43	ڈیلی رپورٹ
اسلام آباد (ڈیلی رپورٹ) وزیراعظم نے کہا ہے کہ حکومت عوام کی فلاح و بہبود کیلئے تمام وسائل بروئے کار لا رہی ہے اور ملک کی معاشی ترقی کیلئے اقدامات جاری ہیں۔ انہوں نے کہا کہ نوجوانوں کو روزگار کی فراہمی اولین ترجیح ہے۔ صوبائی حکومت نے شہریوں کو سہولیات کی فراہمی کیلئے نئے منصوبوں کا آغاز کر دیا ہے جبکہ ضلعی انتظامیہ کو ہدایت جاری کی گئی ہے کہ وہ عوامی مسائل کے حل کیلئے فوری اقدامات کریں۔ اجلاس میں مختلف امور پر تفصیلی غور کیا گیا اور فیصلہ کیا گیا کہ ترقیاتی کاموں کو بروقت مکمل کیا جائے گا۔
44	ڈیلی رپورٹ
اسلام آباد (ڈیلی رپورٹ) وزیراعظم نے کہا ہے کہ حکومت عوام کی فلاح و بہبود کیلئے تمام وسائل بروئے کار لا رہی ہے اور ملک کی معاشی ترقی کیلئے اقدامات جاری ہیں۔ انہوں نے کہا کہ نوجوانوں کو روزگار کی فراہمی اولین ترجیح ہے۔ صوبائی حکومت نے شہریوں کو سہولیات کی فراہمی کیلئے نئے منصوبوں کا آغاز کر دیا ہے جبکہ ضلعی انتظامیہ کو ہدایت جاری کی گئی ہے کہ وہ عوامی مسائل کے حل کیلئے فوری اقدامات کریں۔ اجلاس میں مختلف امور پر تفصیلی غور کیا گیا اور فیصلہ کیا گیا کہ ترقیاتی کاموں کو بروقت مکمل کیا جائے گا۔
45	ڈیلی رپورٹ
اسلام آباد (ڈیلی رپورٹ) وزیراعظم نے کہا ہے کہ حکومت عوام کی فلاح و بہبود کیلئے تمام وسائل بروئے کار لا رہی ہے اور ملک کی معاشی ترقی کیلئے اقدامات جاری ہیں۔ انہوں نے کہا کہ نوجوانوں کو روزگار کی فراہمی اولین ترجیح ہے۔ صوبائی حکومت نے شہریوں کو سہولیات کی فراہمی کیلئے نئے منصوبوں کا آغاز کر دیا ہے جبکہ ضلعی انتظامیہ کو ہدایت جاری کی گئی ہے کہ وہ عوامی مسائل کے حل کیلئے فوری اقدامات کریں۔ اجلاس میں مختلف امور پر تفصیلی غور کیا گیا اور فیصلہ کیا گیا کہ ترقیاتی کاموں کو بروقت مکمل کیا جائے گا۔
46	ڈیلی رپورٹ
اسلام آباد (ڈیلی رپورٹ) وزیراعظم نے کہا ہے کہ حکومت عوام کی فلاح و بہبود کیلئے تمام وسائل بروئے کار لا رہی ہے اور ملک کی معاشی ترقی کیلئے اقدامات جاری ہیں۔ انہوں نے کہا کہ نوجوانوں کو روزگار کی فراہمی اولین ترجیح ہے۔ صوبائی حکومت نے شہریوں کو سہولیات کی فراہمی کیلئے نئے منصوبوں کا آغاز کر دیا ہے جبکہ ضلعی انتظامیہ کو ہدایت جاری کی گئی ہے کہ وہ عوامی مسائل کے حل کیلئے فوری اقدامات کریں۔ اجلاس میں مختلف امور پر تفصیلی غور کیا گیا اور فیصلہ کیا گیا کہ ترقیاتی کاموں کو بروقت مکمل کیا جائے گا۔
اسلام آباد (ڈیلی رپورٹ) وزیراعظم نے کہا ہے کہ حکومت عوام کی فلاح و بہبود کیلئے تمام وسائل بروئے کار لا رہی ہے اور ملک کی معاشی ترقی کیلئے اقدامات جاری ہیں۔ انہوں نے کہا کہ نوجوانوں کو روزگار کی فراہمی اولین ترجیح ہے۔ صوبائی حکومت نے شہریوں کو سہولیات کی فراہمی کیلئے نئے منصوبوں کا آغاز کر دیا ہے جبکہ ضلعی انتظامیہ کو ہدایت جاری کی گئی ہے کہ وہ عوامی مسائل کے حل کیلئے فوری اقدامات کریں۔ اجلاس میں مختلف امور پر تفصیلی غور کیا گیا اور فیصلہ کیا گیا کہ ترقیاتی کاموں کو بروقت مکمل کیا جائے گا۔
47	ڈیلی رپورٹ
اسلام آباد (ڈیلی رپورٹ) وزیراعظم نے کہا ہے کہ حکومت عوام کی فلاح و بہبود کیلئے تمام وسائل بروئے کار لا رہی ہے اور ملک کی معاشی ترقی کیلئے اقدامات جاری ہیں۔ انہوں نے کہا کہ نوجوانوں کو روزگار کی فراہمی اولین ترجیح ہے۔ صوبائی حکومت نے شہریوں کو سہولیات کی فراہمی کیلئے نئے منصوبوں کا آغاز کر دیا ہے جبکہ ضلعی انتظامیہ کو ہدایت جاری کی گئی ہے کہ وہ عوامی مسائل کے حل کیلئے فوری اقدامات کریں۔ اجلاس میں مختلف امور پر تفصیلی غور کیا گیا اور فیصلہ کیا گیا کہ ترقیاتی کاموں کو بروقت مکمل کیا جائے گا۔
48	ڈیلی رپورٹ
اسلام آباد (ڈیلی رپورٹ) وزیراعظم نے کہا ہے کہ حکومت عوام کی فلاح و بہبود کیلئے تمام وسائل بروئے کار لا رہی ہے اور ملک کی معاشی ترقی کیلئے اقدامات جاری ہیں۔ انہوں نے کہا کہ نوجوانوں کو روزگار کی فراہمی اولین ترجیح ہے۔ صوبائی حکومت نے شہریوں کو سہولیات کی فراہمی کیلئے نئے منصوبوں کا آغاز کر دیا ہے جبکہ ضلعی انتظامیہ کو ہدایت جاری کی گئی ہے کہ وہ عوامی مسائل کے حل کیلئے فوری اقدامات کریں۔ اجلاس میں مختلف امور پر تفصیلی غور کیا گیا اور فیصلہ کیا گیا کہ ترقیاتی کاموں کو بروقت مکمل کیا جائے گا۔
49	ڈیلی رپورٹ
اسلام آباد (ڈیلی رپورٹ) وزیراعظم نے کہا ہے کہ حکومت عوام کی فلاح و بہبود کیلئے تمام وسائل بروئے کار لا رہی ہے اور ملک کی معاشی ترقی کیلئے اقدامات جاری ہیں۔ انہوں نے کہا کہ نوجوانوں کو روزگار کی فراہمی اولین ترجیح ہے۔ صوبائی حکومت نے شہریوں کو سہولیات کی فراہمی کیلئے نئے منصوبوں کا آغاز کر دیا ہے جبکہ ضلعی انتظامیہ کو ہدایت جاری کی گئی ہے کہ وہ عوامی مسائل کے حل کیلئے فوری اقدامات کریں۔ اجلاس میں مختلف امور پر تفصیلی غور کیا گیا اور فیصلہ کیا گیا کہ ترقیاتی کاموں کو بروقت مکمل کیا جائے گا۔
50	ڈیلی رپورٹ
اسلام آباد (ڈیلی رپورٹ) وزیراعظم نے کہا ہے کہ حکومت عوام کی فلاح و بہبود کیلئے تمام وسائل بروئے کار لا رہی ہے اور ملک کی معاشی ترقی کیلئے اقدامات جاری ہیں۔ انہوں نے کہا کہ نوجوانوں کو روزگار کی فراہمی اولین ترجیح ہے۔ صوبائی حکومت نے شہریوں کو سہولیات کی فراہمی کیلئے نئے منصوبوں کا آغاز کر دیا ہے جبکہ ضلعی انتظامیہ کو ہدایت جاری کی گئی ہے کہ وہ عوامی مسائل کے حل کیلئے فوری اقدامات کریں۔ اجلاس میں مختلف امور پر تفصیلی غور کیا گیا اور فیصلہ کیا گیا کہ ترقیاتی کاموں کو بروقت مکمل کیا جائے گا۔
51	ڈیلی رپورٹ
اسلام آباد (ڈیلی رپورٹ) وزیراعظم نے کہا ہے کہ حکومت عوام کی فلاح و بہبود کیلئے تمام وسائل بروئے کار لا رہی ہے اور ملک کی معاشی ترقی کیلئے اقدامات جاری ہیں۔ انہوں نے کہا کہ نوجوانوں کو روزگار کی فراہمی اولین ترجیح ہے۔ صوبائی حکومت نے شہریوں کو سہولیات کی فراہمی کیلئے نئے منصوبوں کا آغاز کر دیا ہے جبکہ ضلعی انتظامیہ کو ہدایت جاری کی گئی ہے کہ وہ عوامی مسائل کے حل کیلئے فوری اقدامات کریں۔ اجلاس میں مختلف امور پر تفصیلی غور کیا گیا اور فیصلہ کیا گیا کہ ترقیاتی کاموں کو بروقت مکمل کیا جائے گا۔
52	ڈیلی رپورٹ
اسلام آباد (ڈیلی رپورٹ) وزیراعظم نے کہا ہے کہ حکومت عوام کی فلاح و بہبود کیلئے تمام وسائل بروئے کار لا رہی ہے اور ملک کی معاشی ترقی کیلئے اقدامات جاری ہیں۔ انہوں نے کہا کہ نوجوانوں کو روزگار کی فراہمی اولین ترجیح ہے۔ صوبائی حکومت نے شہریوں کو سہولیات کی فراہمی کیلئے نئے منصوبوں کا آغاز کر دیا ہے جبکہ ضلعی انتظامیہ کو ہدایت جاری کی گئی ہے کہ وہ عوامی مسائل کے حل کیلئے فوری اقدامات کریں۔ اجلاس میں مختلف امور پر تفصیلی غور کیا گیا اور فیصلہ کیا گیا کہ ترقیاتی کاموں کو بروقت مکمل کیا جائے گا۔
53	ڈیلی رپورٹ
اسلام آباد (ڈیلی رپورٹ) وزیراعظم نے کہا ہے کہ حکومت عوام کی فلاح و بہبود کیلئے تمام وسائل بروئے کار لا رہی ہے اور ملک کی معاشی ترقی کیلئے اقدامات جاری ہیں۔ انہوں نے کہا کہ نوجوانوں کو روزگار کی فراہمی اولین ترجیح ہے۔ صوبائی حکومت نے شہریوں کو سہولیات کی فراہمی کیلئے نئے منصوبوں کا آغاز کر دیا ہے جبکہ ضلعی انتظامیہ کو ہدایت جاری کی گئی ہے کہ وہ عوامی مسائل کے حل کیلئے فوری اقدامات کریں۔ اجلاس میں مختلف امور پر تفصیلی غور کیا گیا اور فیصلہ کیا گیا کہ ترقیاتی کاموں کو بروقت مکمل کیا جائے گا۔
54	ڈیلی رپورٹ
اسلام آباد (ڈیلی رپورٹ) وزیراعظم نے کہا ہے کہ حکومت عوام کی فلاح و بہبود کیلئے تمام وسائل بروئے کار لا رہی ہے اور ملک کی معاشی ترقی کیلئے اقدامات جاری ہیں۔ انہوں نے کہا کہ نوجوانوں کو روزگار کی فراہمی اولین ترجیح ہے۔ صوبائی حکومت نے شہریوں کو سہولیات کی فراہمی کیلئے نئے منصوبوں کا آغاز کر دیا ہے جبکہ ضلعی انتظامیہ کو ہدایت جاری کی گئی ہے کہ وہ عوامی مسائل کے حل کیلئے فوری اقدامات کریں۔ اجلاس میں مختلف امور پر تفصیلی غور کیا گیا اور فیصلہ کیا گیا کہ ترقیاتی کاموں کو بروقت مکمل کیا جائے گا۔
55	ڈیلی رپورٹ
اسلام آباد (ڈیلی رپورٹ) وزیراعظم نے کہا ہے کہ حکومت عوام کی فلاح و بہبود کیلئے تمام وسائل بروئے کار لا رہی ہے اور ملک کی معاشی ترقی کیلئے اقدامات جاری ہیں۔ انہوں نے کہا کہ نوجوانوں کو روزگار کی فراہمی اولین ترجیح ہے۔ صوبائی حکومت نے شہریوں کو سہولیات کی فراہمی کیلئے نئے منصوبوں کا آغاز کر دیا ہے جبکہ ضلعی انتظامیہ کو ہدایت جاری کی گئی ہے کہ وہ عوامی مسائل کے حل کیلئے فوری اقدامات کریں۔ اجلاس میں مختلف امور پر تفصیلی غور کیا گیا اور فیصلہ کیا گیا کہ ترقیاتی کاموں کو بروقت مکمل کیا جائے گا۔
56	ڈیلی رپورٹ
اسلام آباد (ڈیلی رپورٹ) وزیراعظم نے کہا ہے کہ حکومت عوام کی فلاح و بہبود کیلئے تمام وسائل بروئے کار لا رہی ہے اور ملک کی معاشی ترقی کیلئے اقدامات جاری ہیں۔ انہوں نے کہا کہ نوجوانوں کو روزگار کی فراہمی اولین ترجیح ہے۔ صوبائی حکومت نے شہریوں کو سہولیات کی فراہمی کیلئے نئے منصوبوں کا آغاز کر دیا ہے جبکہ ضلعی انتظامیہ کو ہدایت جاری کی گئی ہے کہ وہ عوامی مسائل کے حل کیلئے فوری اقدامات کریں۔ اجلاس میں مختلف امور پر تفصیلی غور کیا گیا اور فیصلہ کیا گیا کہ ترقیاتی کاموں کو بروقت مکمل کیا جائے گا۔
